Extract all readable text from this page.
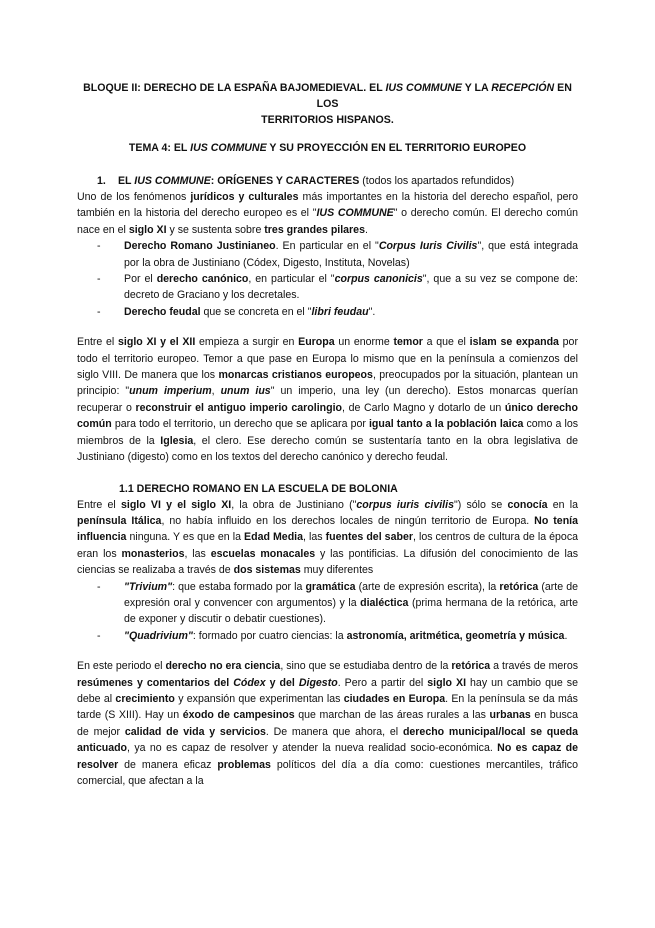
BLOQUE II: DERECHO DE LA ESPAÑA BAJOMEDIEVAL. EL IUS COMMUNE Y LA RECEPCIÓN EN LOS
TERRITORIOS HISPANOS.
TEMA 4: EL IUS COMMUNE Y SU PROYECCIÓN EN EL TERRITORIO EUROPEO
1. EL IUS COMMUNE: ORÍGENES Y CARACTERES (todos los apartados refundidos)

Uno de los fenómenos jurídicos y culturales más importantes en la historia del derecho español, pero también en la historia del derecho europeo es el "IUS COMMUNE" o derecho común. El derecho común nace en el siglo XI y se sustenta sobre tres grandes pilares.

- Derecho Romano Justinianeo. En particular en el "Corpus Iuris Civilis", que está integrada por la obra de Justiniano (Códex, Digesto, Instituta, Novelas)
- Por el derecho canónico, en particular el "corpus canonicis", que a su vez se compone de: decreto de Graciano y los decretales.
- Derecho feudal que se concreta en el "libri feudau".

Entre el siglo XI y el XII empieza a surgir en Europa un enorme temor a que el islam se expanda por todo el territorio europeo. Temor a que pase en Europa lo mismo que en la península a comienzos del siglo VIII. De manera que los monarcas cristianos europeos, preocupados por la situación, plantean un principio: "unum imperium, unum ius" un imperio, una ley (un derecho). Estos monarcas querían recuperar o reconstruir el antiguo imperio carolingio, de Carlo Magno y dotarlo de un único derecho común para todo el territorio, un derecho que se aplicara por igual tanto a la población laica como a los miembros de la Iglesia, el clero. Ese derecho común se sustentaría tanto en la obra legislativa de Justiniano (digesto) como en los textos del derecho canónico y derecho feudal.

1.1 DERECHO ROMANO EN LA ESCUELA DE BOLONIA

Entre el siglo VI y el siglo XI, la obra de Justiniano ("corpus iuris civilis") sólo se conocía en la península Itálica, no había influido en los derechos locales de ningún territorio de Europa. No tenía influencia ninguna. Y es que en la Edad Media, las fuentes del saber, los centros de cultura de la época eran los monasterios, las escuelas monacales y las pontificias. La difusión del conocimiento de las ciencias se realizaba a través de dos sistemas muy diferentes

- "Trivium": que estaba formado por la gramática (arte de expresión escrita), la retórica (arte de expresión oral y convencer con argumentos) y la dialéctica (prima hermana de la retórica, arte de exponer y discutir o debatir cuestiones).
- "Quadrivium": formado por cuatro ciencias: la astronomía, aritmética, geometría y música.

En este periodo el derecho no era ciencia, sino que se estudiaba dentro de la retórica a través de meros resúmenes y comentarios del Códex y del Digesto. Pero a partir del siglo XI hay un cambio que se debe al crecimiento y expansión que experimentan las ciudades en Europa. En la península se da más tarde (S XIII). Hay un éxodo de campesinos que marchan de las áreas rurales a las urbanas en busca de mejor calidad de vida y servicios. De manera que ahora, el derecho municipal/local se queda anticuado, ya no es capaz de resolver y atender la nueva realidad socio-económica. No es capaz de resolver de manera eficaz problemas políticos del día a día como: cuestiones mercantiles, tráfico comercial, que afectan a la
